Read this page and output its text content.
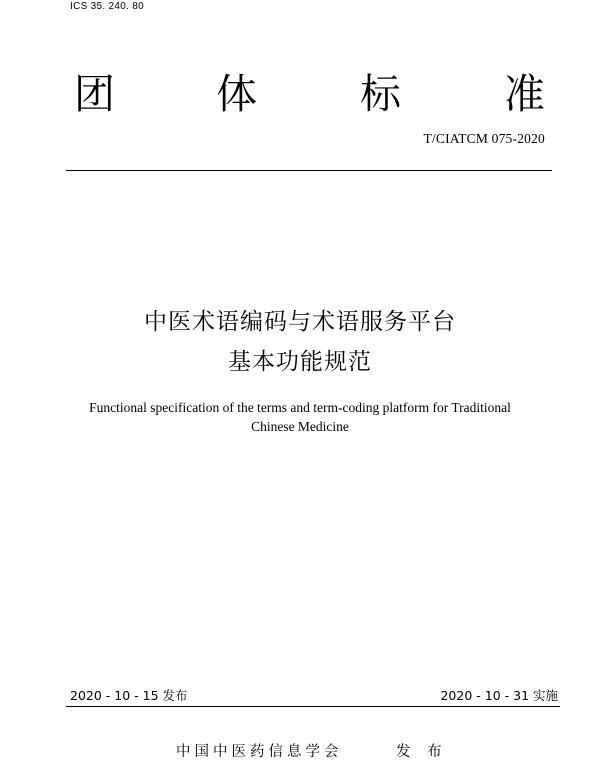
ICS 35. 240. 80
团 体	标	准
T/CIATCM 075-2020
中医术语编码与术语服务平台
基本功能规范
Functional specification of the terms and term-coding platform for Traditional
Chinese Medicine
2020 - 10 - 15 发布	2020 - 10 - 31 实施
中国中医药信息学会	发 布
